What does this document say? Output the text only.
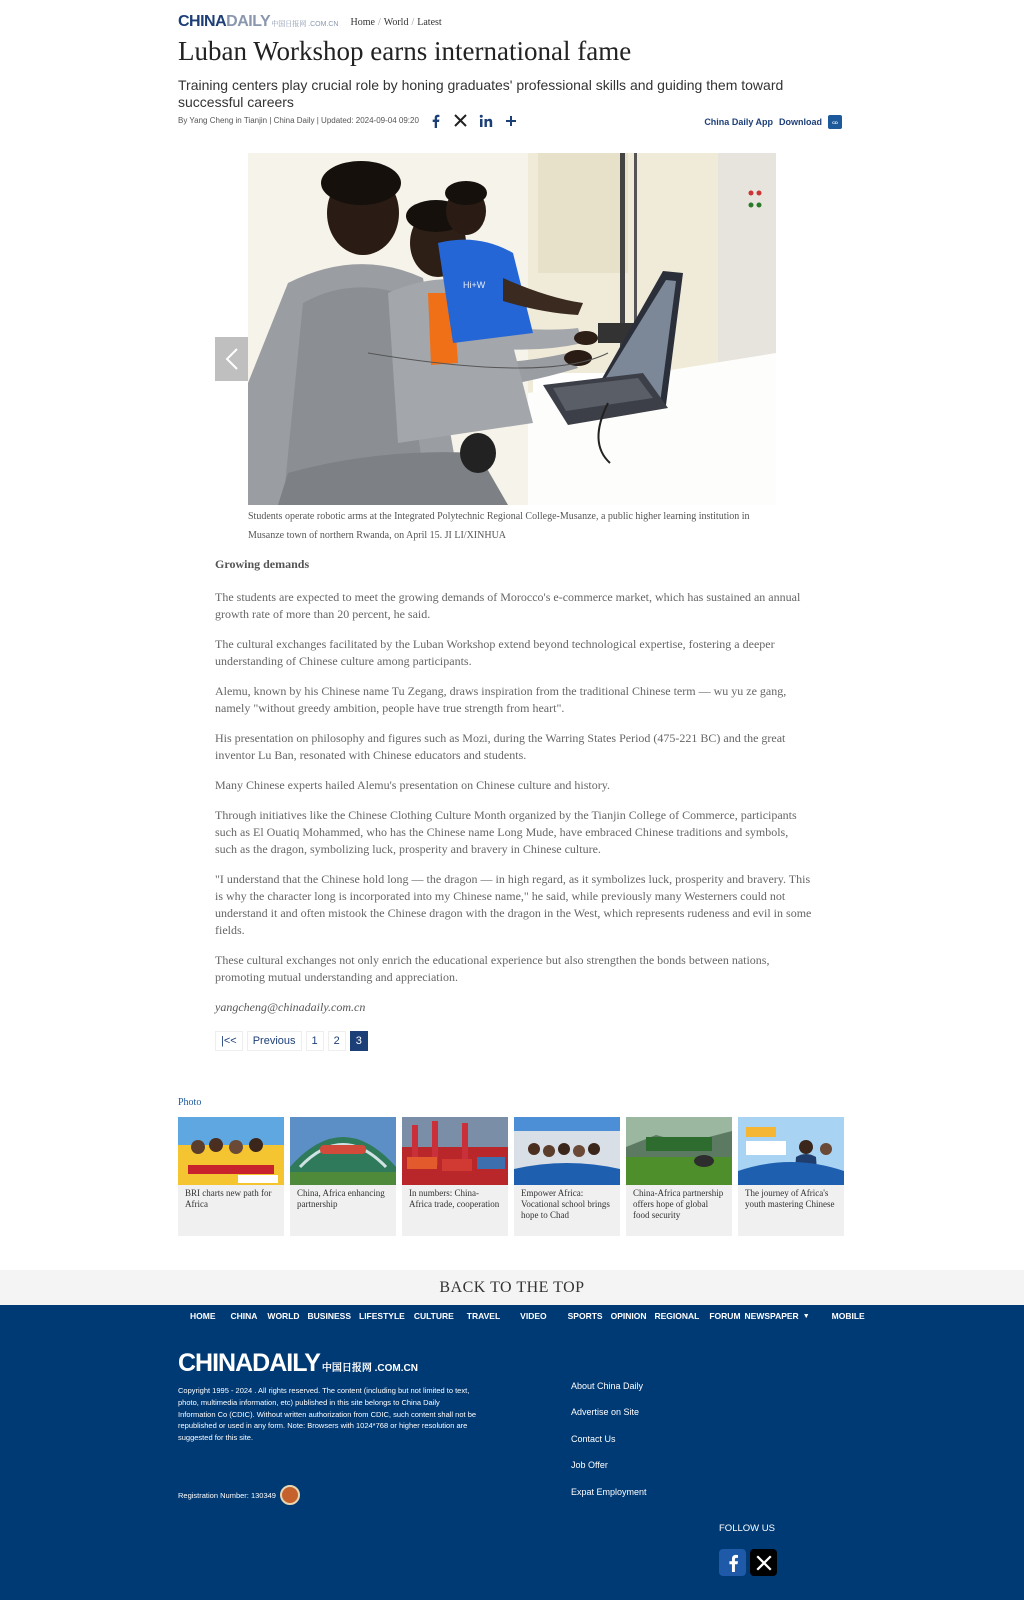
CHINA DAILY 中国日报网 .COM.CN Home / World / Latest
Luban Workshop earns international fame

Training centers play crucial role by honing graduates' professional skills and guiding them toward successful careers

By Yang Cheng in Tianjin | China Daily | Updated: 2024-09-04 09:20	China Daily App Download	CD
Hi+W

Students operate robotic arms at the Integrated Polytechnic Regional College-Musanze, a public higher learning institution in Musanze town of northern Rwanda, on April 15. JI LI/XINHUA

Growing demands

The students are expected to meet the growing demands of Morocco's e-commerce market, which has sustained an annual growth rate of more than 20 percent, he said.

The cultural exchanges facilitated by the Luban Workshop extend beyond technological expertise, fostering a deeper understanding of Chinese culture among participants.

Alemu, known by his Chinese name Tu Zegang, draws inspiration from the traditional Chinese term — wu yu ze gang, namely "without greedy ambition, people have true strength from heart".

His presentation on philosophy and figures such as Mozi, during the Warring States Period (475-221 BC) and the great inventor Lu Ban, resonated with Chinese educators and students.

Many Chinese experts hailed Alemu's presentation on Chinese culture and history.

Through initiatives like the Chinese Clothing Culture Month organized by the Tianjin College of Commerce, participants such as El Ouatiq Mohammed, who has the Chinese name Long Mude, have embraced Chinese traditions and symbols, such as the dragon, symbolizing luck, prosperity and bravery in Chinese culture.

"I understand that the Chinese hold long — the dragon — in high regard, as it symbolizes luck, prosperity and bravery. This is why the character long is incorporated into my Chinese name," he said, while previously many Westerners could not understand it and often mistook the Chinese dragon with the dragon in the West, which represents rudeness and evil in some fields.

These cultural exchanges not only enrich the educational experience but also strengthen the bonds between nations, promoting mutual understanding and appreciation.

yangcheng@chinadaily.com.cn

|<<	Previous	1	2	3
Photo
BRI charts new path for Africa
China, Africa enhancing partnership
In numbers: China-Africa trade, cooperation
Empower Africa: Vocational school brings hope to Chad
China-Africa partnership offers hope of global food security
The journey of Africa's youth mastering Chinese
BACK TO THE TOP
HOME CHINA WORLD BUSINESS LIFESTYLE CULTURE TRAVEL VIDEO SPORTS OPINION REGIONAL FORUM NEWSPAPER ▼	MOBILE
CHINADAILY 中国日报网 .COM.CN

Copyright 1995 - 2024 . All rights reserved. The content (including but not limited to text, photo, multimedia information, etc) published in this site belongs to China Daily Information Co (CDIC). Without written authorization from CDIC, such content shall not be republished or used in any form. Note: Browsers with 1024*768 or higher resolution are suggested for this site.

Registration Number: 130349
About China Daily
Advertise on Site
Contact Us
Job Offer
Expat Employment
FOLLOW US
